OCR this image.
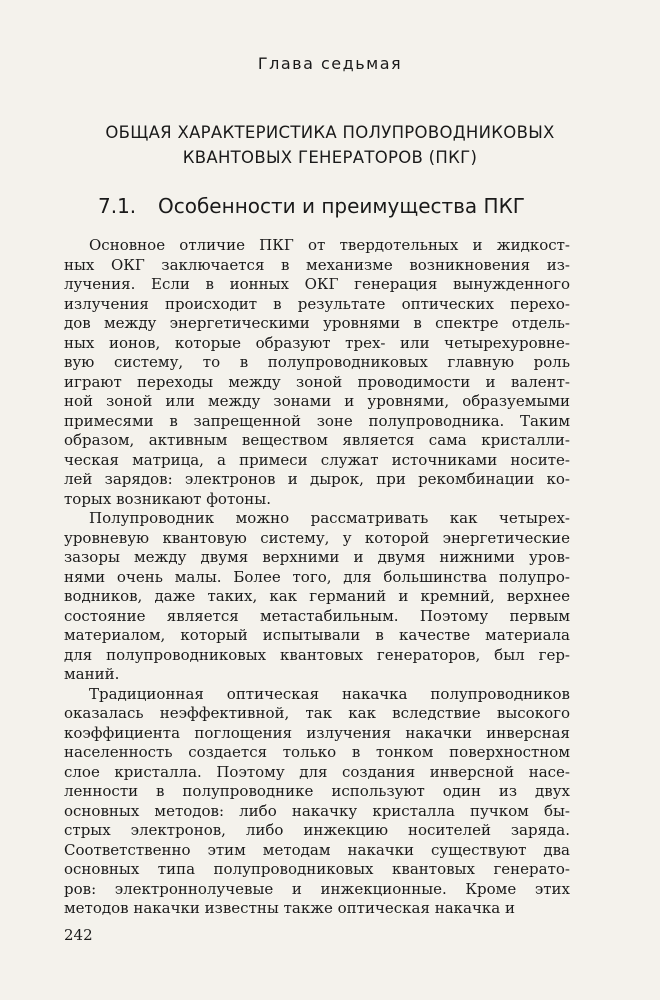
Глава седьмая
ОБЩАЯ ХАРАКТЕРИСТИКА ПОЛУПРОВОДНИКОВЫХ
КВАНТОВЫХ ГЕНЕРАТОРОВ (ПКГ)
7.1. Особенности и преимущества ПКГ
Основное отличие ПКГ от твердотельных и жидкост-
ных ОКГ заключается в механизме возникновения из-
лучения. Если в ионных ОКГ генерация вынужденного
излучения происходит в результате оптических перехо-
дов между энергетическими уровнями в спектре отдель-
ных ионов, которые образуют трех- или четырехуровне-
вую систему, то в полупроводниковых главную роль
играют переходы между зоной проводимости и валент-
ной зоной или между зонами и уровнями, образуемыми
примесями в запрещенной зоне полупроводника. Таким
образом, активным веществом является сама кристалли-
ческая матрица, а примеси служат источниками носите-
лей зарядов: электронов и дырок, при рекомбинации ко-
торых возникают фотоны.
Полупроводник можно рассматривать как четырех-
уровневую квантовую систему, у которой энергетические
зазоры между двумя верхними и двумя нижними уров-
нями очень малы. Более того, для большинства полупро-
водников, даже таких, как германий и кремний, верхнее
состояние является метастабильным. Поэтому первым
материалом, который испытывали в качестве материала
для полупроводниковых квантовых генераторов, был гер-
маний.
Традиционная оптическая накачка полупроводников
оказалась неэффективной, так как вследствие высокого
коэффициента поглощения излучения накачки инверсная
населенность создается только в тонком поверхностном
слое кристалла. Поэтому для создания инверсной насе-
ленности в полупроводнике используют один из двух
основных методов: либо накачку кристалла пучком бы-
стрых электронов, либо инжекцию носителей заряда.
Соответственно этим методам накачки существуют два
основных типа полупроводниковых квантовых генерато-
ров: электроннолучевые и инжекционные. Кроме этих
методов накачки известны также оптическая накачка и
242
